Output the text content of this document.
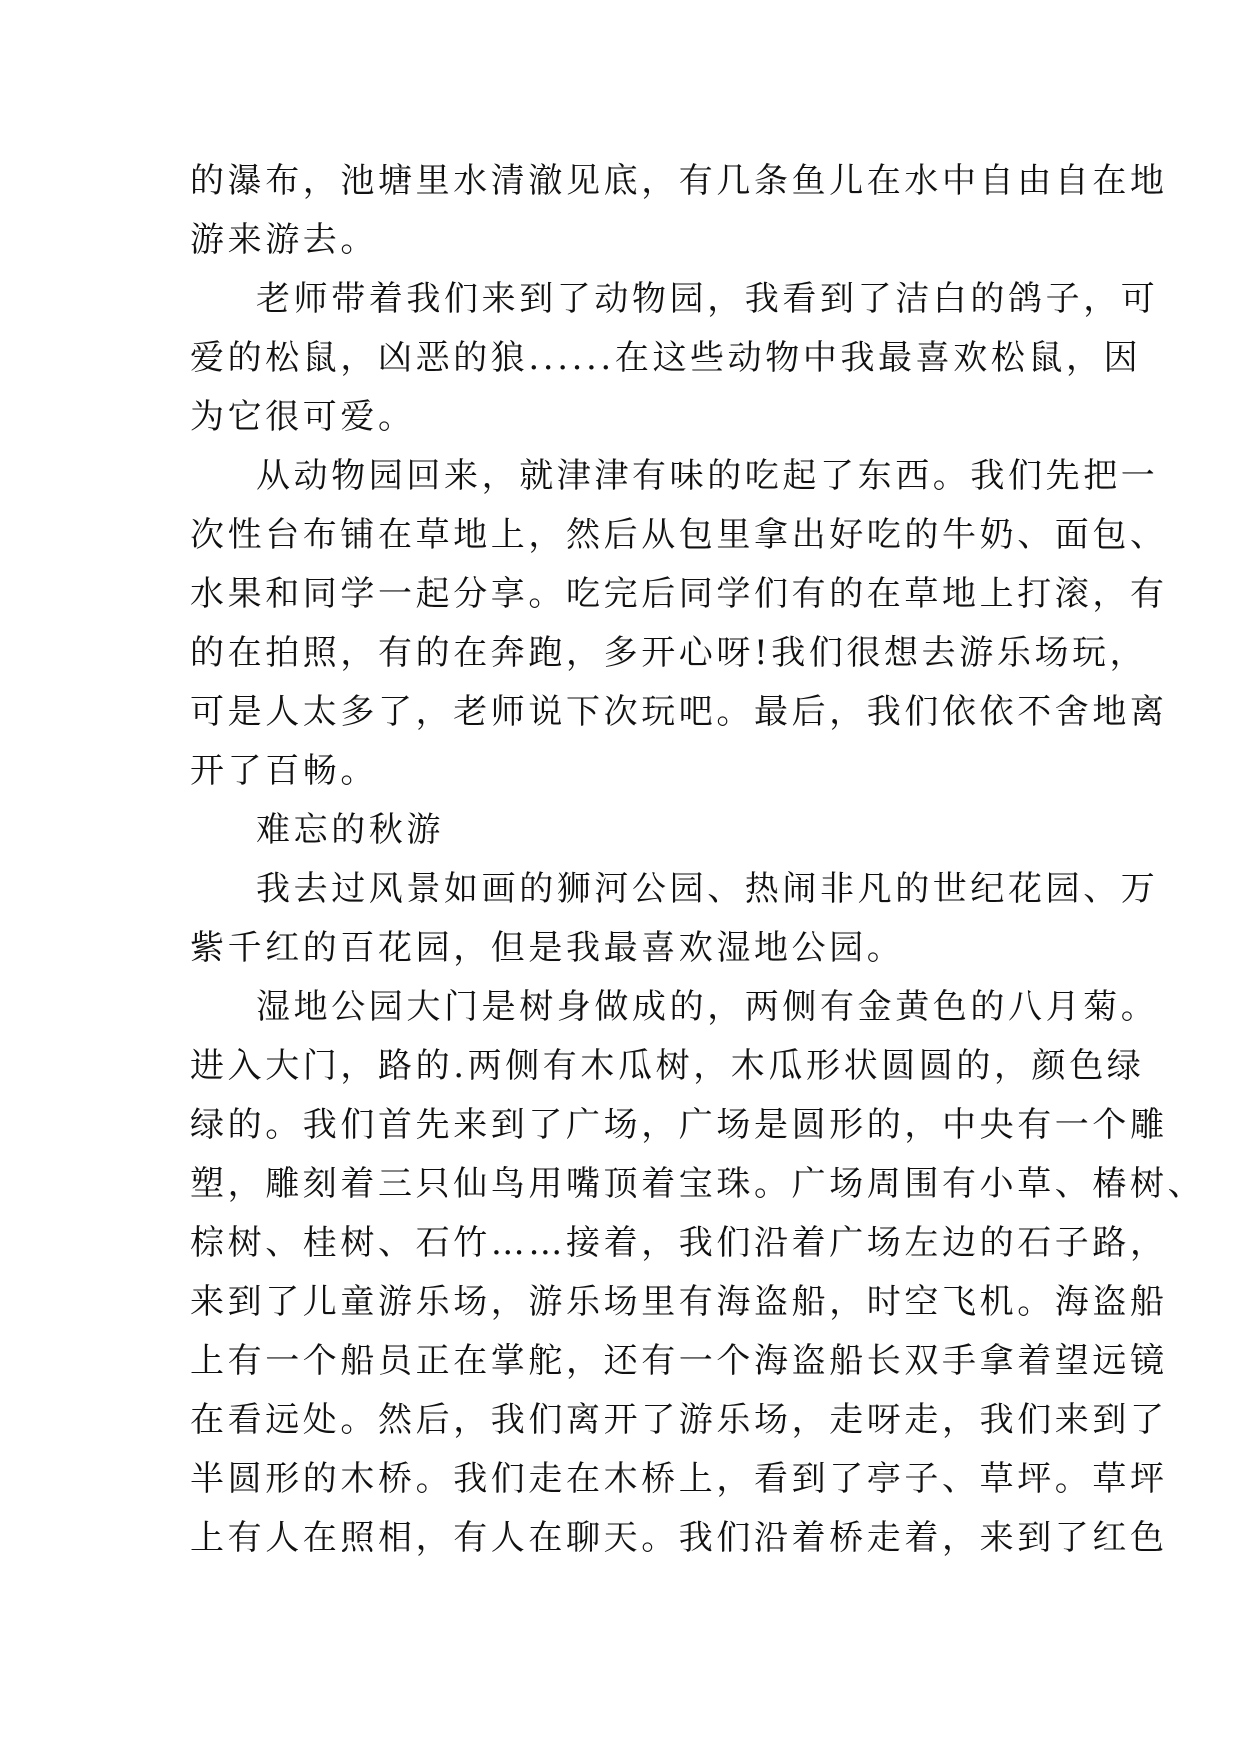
的瀑布，池塘里水清澈见底，有几条鱼儿在水中自由自在地
游来游去。
老师带着我们来到了动物园，我看到了洁白的鸽子，可
爱的松鼠，凶恶的狼......在这些动物中我最喜欢松鼠，因
为它很可爱。
从动物园回来，就津津有味的吃起了东西。我们先把一
次性台布铺在草地上，然后从包里拿出好吃的牛奶、面包、
水果和同学一起分享。吃完后同学们有的在草地上打滚，有
的在拍照，有的在奔跑，多开心呀!我们很想去游乐场玩，
可是人太多了，老师说下次玩吧。最后，我们依依不舍地离
开了百畅。
难忘的秋游
我去过风景如画的狮河公园、热闹非凡的世纪花园、万
紫千红的百花园，但是我最喜欢湿地公园。
湿地公园大门是树身做成的，两侧有金黄色的八月菊。
进入大门，路的.两侧有木瓜树，木瓜形状圆圆的，颜色绿
绿的。我们首先来到了广场，广场是圆形的，中央有一个雕
塑，雕刻着三只仙鸟用嘴顶着宝珠。广场周围有小草、椿树、
棕树、桂树、石竹……接着，我们沿着广场左边的石子路，
来到了儿童游乐场，游乐场里有海盗船，时空飞机。海盗船
上有一个船员正在掌舵，还有一个海盗船长双手拿着望远镜
在看远处。然后，我们离开了游乐场，走呀走，我们来到了
半圆形的木桥。我们走在木桥上，看到了亭子、草坪。草坪
上有人在照相，有人在聊天。我们沿着桥走着，来到了红色
